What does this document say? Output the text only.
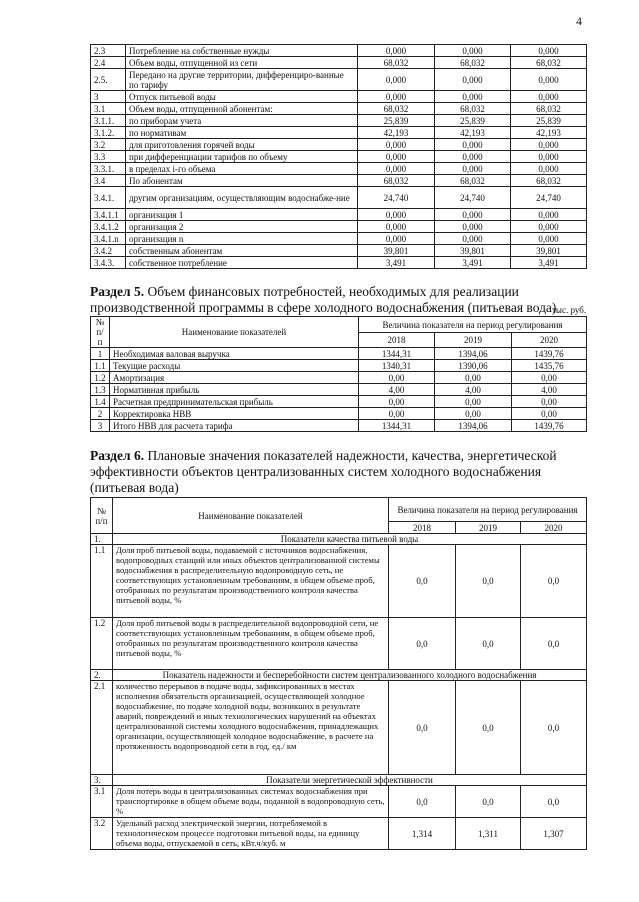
4
2.3	Потребление на собственные нужды	0,000	0,000	0,000
2.4	Объем воды, отпущенной из сети	68,032	68,032	68,032
2.5.	Передано на другие территории, дифференциро-ванные по тарифу	0,000	0,000	0,000
3	Отпуск питьевой воды	0,000	0,000	0,000
3.1	Объем воды, отпущенной абонентам:	68,032	68,032	68,032
3.1.1.	по приборам учета	25,839	25,839	25,839
3.1.2.	по нормативам	42,193	42,193	42,193
3.2	для приготовления горячей воды	0,000	0,000	0,000
3.3	при дифференциации тарифов по объему	0,000	0,000	0,000
3.3.1.	в пределах i-го объема	0,000	0,000	0,000
3.4	По абонентам	68,032	68,032	68,032
3.4.1.	другим организациям, осуществляющим водоснабже-ние	24,740	24,740	24,740
3.4.1.1	организация 1	0,000	0,000	0,000
3.4.1.2	организация 2	0,000	0,000	0,000
3.4.1.n	организация n	0,000	0,000	0,000
3.4.2	собственным абонентам	39,801	39,801	39,801
3.4.3.	собственное потребление	3,491	3,491	3,491
Раздел 5. Объем финансовых потребностей, необходимых для реализации производственной программы в сфере холодного водоснабжения (питьевая вода)
тыс. руб.
№ п/п	Наименование показателей	Величина показателя на период регулирования		
		2018	2019	2020
1	Необходимая валовая выручка	1344,31	1394,06	1439,76
1.1	Текущие расходы	1340,31	1390,06	1435,76
1.2	Амортизация	0,00	0,00	0,00
1.3	Нормативная прибыль	4,00	4,00	4,00
1.4	Расчетная предпринимательская прибыль	0,00	0,00	0,00
2	Корректировка НВВ	0,00	0,00	0,00
3	Итого НВВ для расчета тарифа	1344,31	1394,06	1439,76
Раздел 6. Плановые значения показателей надежности, качества, энергетической эффективности объектов централизованных систем холодного водоснабжения (питьевая вода)
№ п/п	Наименование показателей	Величина показателя на период регулирования		
		2018	2019	2020
1.	Показатели качества питьевой воды			
1.1	Доля проб питьевой воды, подаваемой с источников водоснабжения, водопроводных станций или иных объектов централизованной системы водоснабжения в распределительную водопроводную сеть, не соответствующих установленным требованиям, в общем объеме проб, отобранных по результатам производственного контроля качества питьевой воды, %	0,0	0,0	0,0
1.2	Доля проб питьевой воды в распределительной водопроводной сети, не соответствующих установленным требованиям, в общем объеме проб, отобранных по результатам производственного контроля качества питьевой воды, %	0,0	0,0	0,0
2.	Показатель надежности и бесперебойности систем централизованного холодного водоснабжения			
2.1	количество перерывов в подаче воды, зафиксированных в местах исполнения обязательств организацией, осуществляющей холодное водоснабжение, по подаче холодной воды, возникших в результате аварий, повреждений и иных технологических нарушений на объектах централизованной системы холодного водоснабжения, принадлежащих организации, осуществляющей холодное водоснабжение, в расчете на протяженность водопроводной сети в год, ед./ км	0,0	0,0	0,0
3.	Показатели энергетической эффективности			
3.1	Доля потерь воды в централизованных системах водоснабжения при транспортировке в общем объеме воды, поданной в водопроводную сеть, %	0,0	0,0	0,0
3.2	Удельный расход электрической энергии, потребляемой в технологическом процессе подготовки питьевой воды, на единицу объема воды, отпускаемой в сеть, кВт.ч/куб. м	1,314	1,311	1,307
